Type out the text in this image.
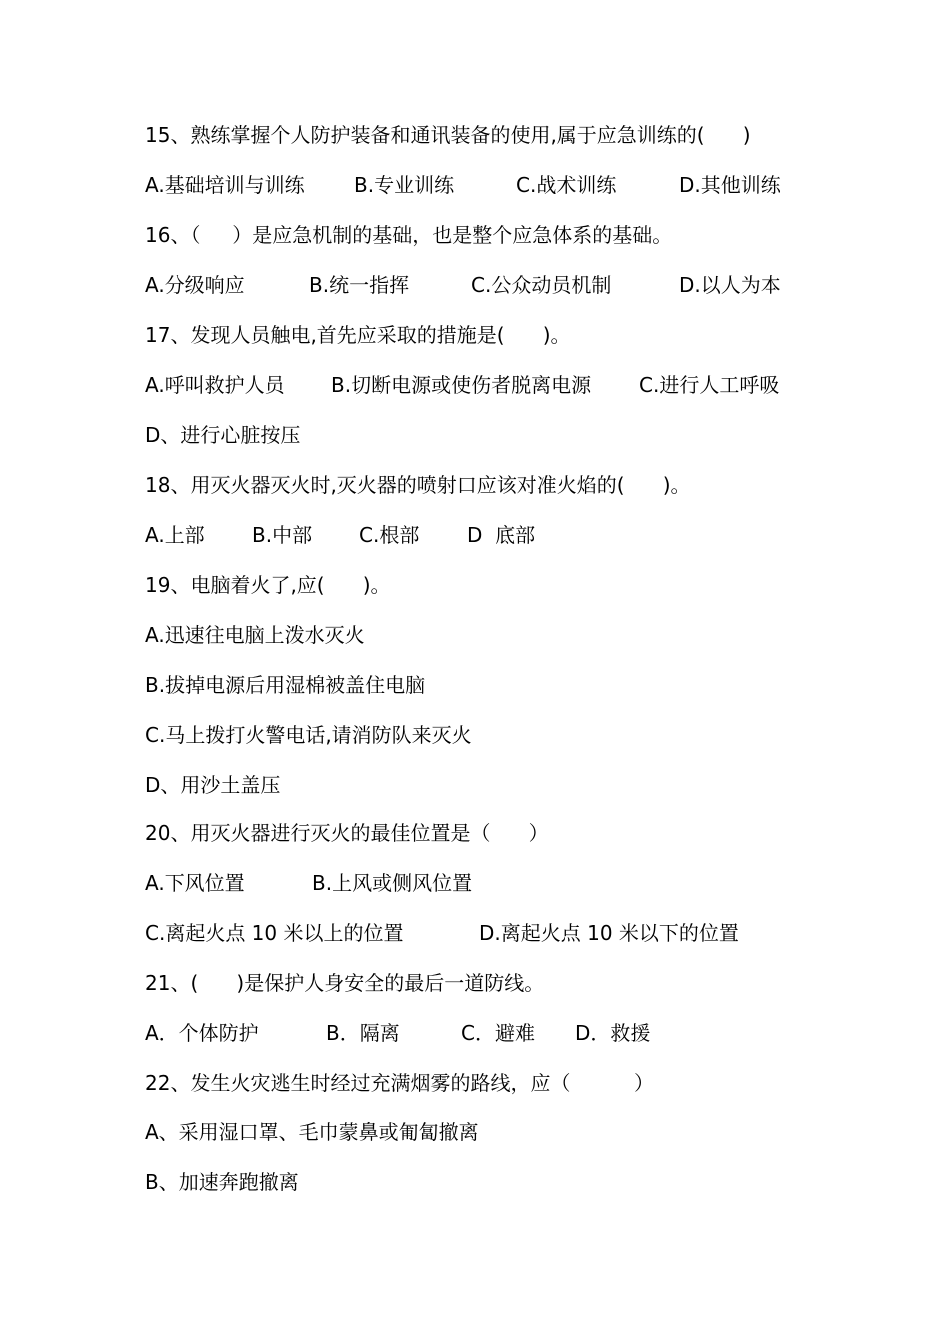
15、熟练掌握个人防护装备和通讯装备的使用,属于应急训练的(      )

A.基础培训与训练

B.专业训练

	C.战术训练

	D.其他训练

16、（     ）是应急机制的基础，也是整个应急体系的基础。

A.分级响应

	B.统一指挥

	C.公众动员机制

	D.以人为本

17、发现人员触电,首先应采取的措施是(      )。

A.呼叫救护人员

B.切断电源或使伤者脱离电源

C.进行人工呼吸

D、进行心脏按压
18、用灭火器灭火时,灭火器的喷射口应该对准火焰的(      )。

A.上部

B.中部

C.根部

D  底部

19、电脑着火了,应(      )。
A.迅速往电脑上泼水灭火
B.拔掉电源后用湿棉被盖住电脑
C.马上拨打火警电话,请消防队来灭火
D、用沙土盖压
20、用灭火器进行灭火的最佳位置是（      ）

A.下风位置

	B.上风或侧风位置

C.离起火点 10 米以上的位置

	D.离起火点 10 米以下的位置

21、(      )是保护人身安全的最后一道防线。

A．个体防护

	B．隔离

	C．避难

D．救援

22、发生火灾逃生时经过充满烟雾的路线，应（          ）
A、采用湿口罩、毛巾蒙鼻或匍匐撤离
B、加速奔跑撤离
